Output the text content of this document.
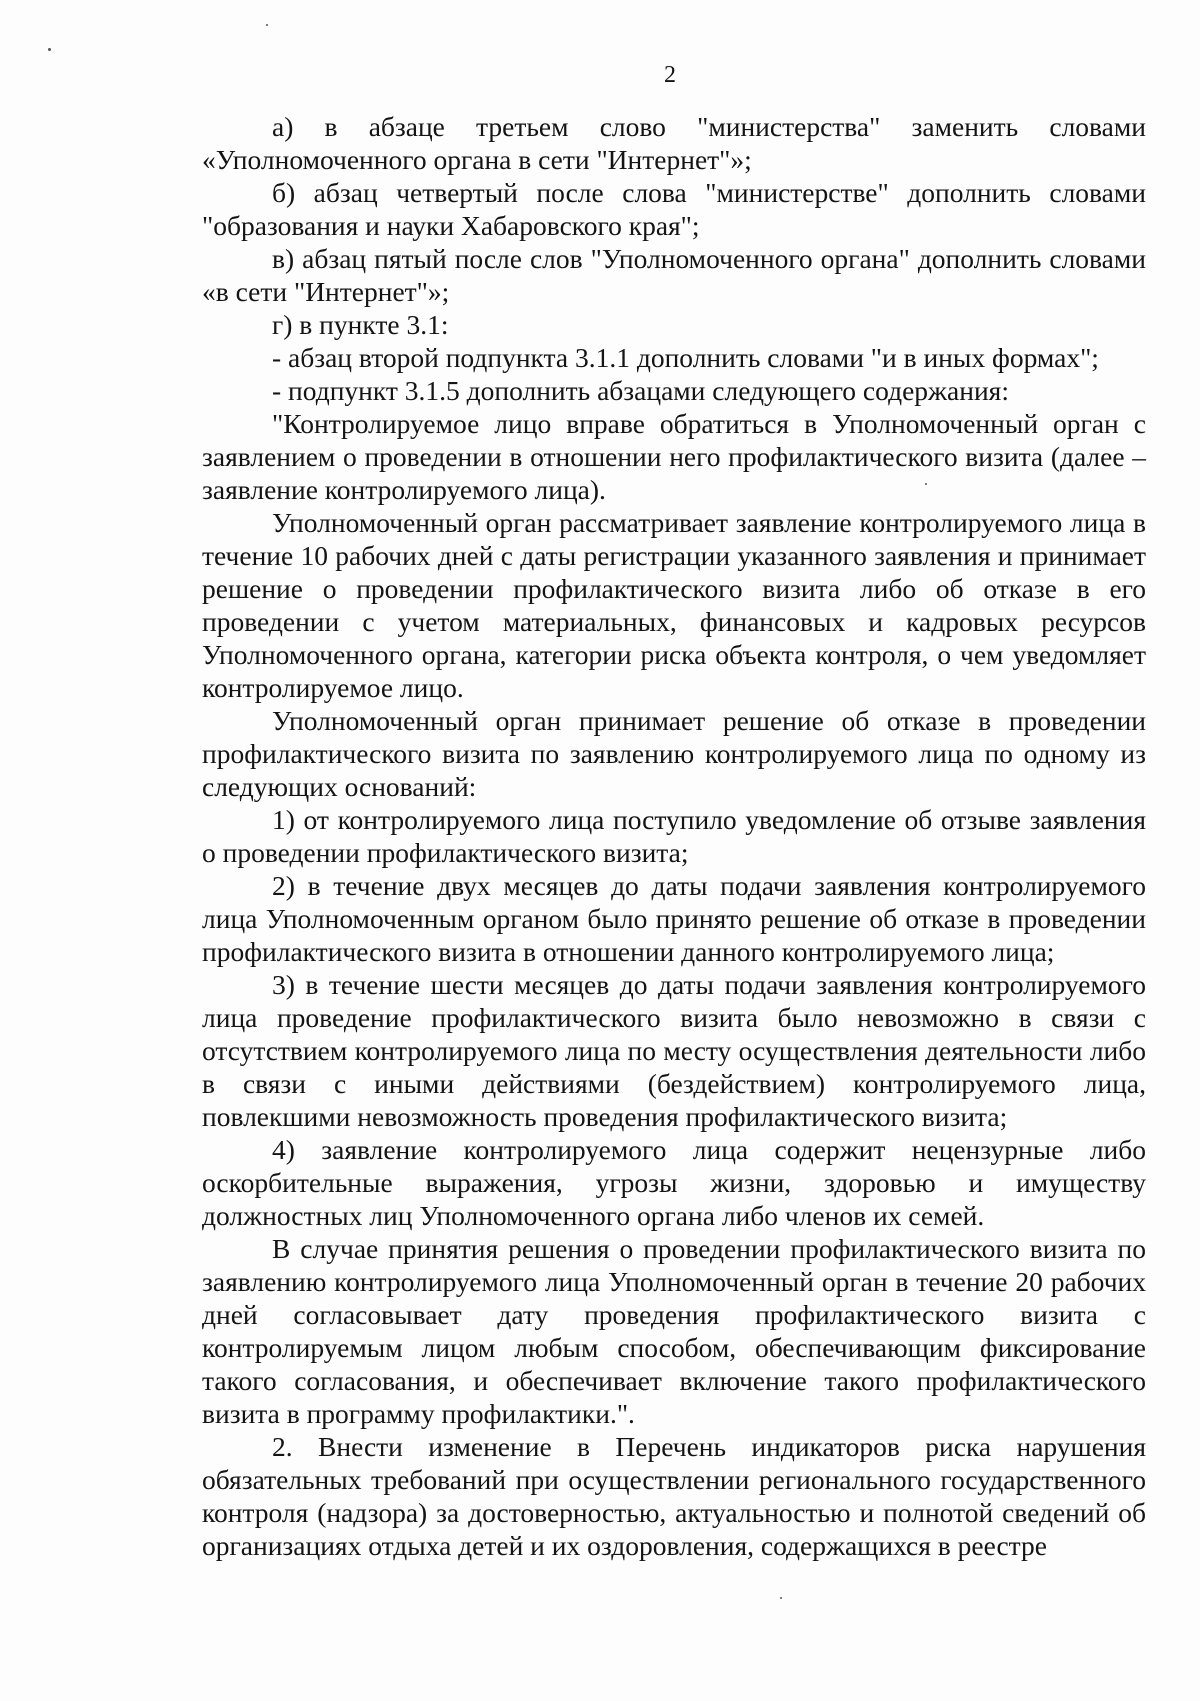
2

а) в абзаце третьем слово "министерства" заменить словами «Уполномоченного органа в сети "Интернет"»;

б) абзац четвертый после слова "министерстве" дополнить словами "образования и науки Хабаровского края";

в) абзац пятый после слов "Уполномоченного органа" дополнить словами «в сети "Интернет"»;

г) в пункте 3.1:

- абзац второй подпункта 3.1.1 дополнить словами "и в иных формах";

- подпункт 3.1.5 дополнить абзацами следующего содержания:

"Контролируемое лицо вправе обратиться в Уполномоченный орган с заявлением о проведении в отношении него профилактического визита (далее – заявление контролируемого лица).

Уполномоченный орган рассматривает заявление контролируемого лица в течение 10 рабочих дней с даты регистрации указанного заявления и принимает решение о проведении профилактического визита либо об отказе в его проведении с учетом материальных, финансовых и кадровых ресурсов Уполномоченного органа, категории риска объекта контроля, о чем уведомляет контролируемое лицо.

Уполномоченный орган принимает решение об отказе в проведении профилактического визита по заявлению контролируемого лица по одному из следующих оснований:

1) от контролируемого лица поступило уведомление об отзыве заявления о проведении профилактического визита;

2) в течение двух месяцев до даты подачи заявления контролируемого лица Уполномоченным органом было принято решение об отказе в проведении профилактического визита в отношении данного контролируемого лица;

3) в течение шести месяцев до даты подачи заявления контролируемого лица проведение профилактического визита было невозможно в связи с отсутствием контролируемого лица по месту осуществления деятельности либо в связи с иными действиями (бездействием) контролируемого лица, повлекшими невозможность проведения профилактического визита;

4) заявление контролируемого лица содержит нецензурные либо оскорбительные выражения, угрозы жизни, здоровью и имуществу должностных лиц Уполномоченного органа либо членов их семей.

В случае принятия решения о проведении профилактического визита по заявлению контролируемого лица Уполномоченный орган в течение 20 рабочих дней согласовывает дату проведения профилактического визита с контролируемым лицом любым способом, обеспечивающим фиксирование такого согласования, и обеспечивает включение такого профилактического визита в программу профилактики.".

2. Внести изменение в Перечень индикаторов риска нарушения обязательных требований при осуществлении регионального государственного контроля (надзора) за достоверностью, актуальностью и полнотой сведений об организациях отдыха детей и их оздоровления, содержащихся в реестре
